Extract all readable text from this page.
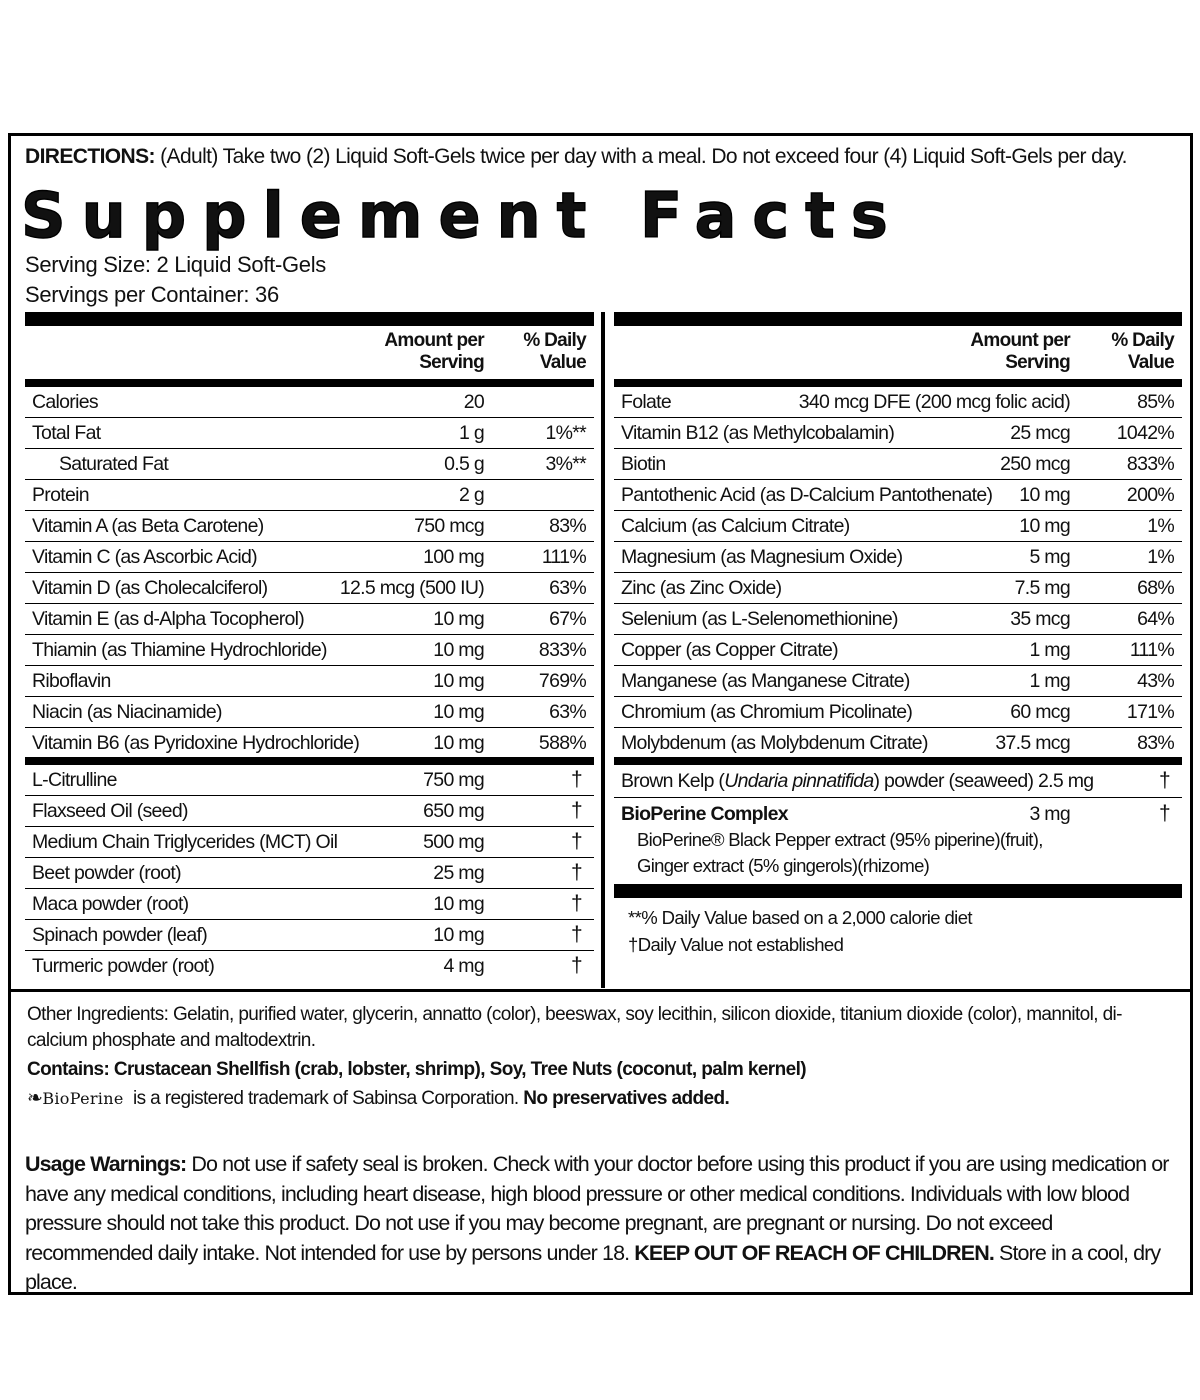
DIRECTIONS: (Adult) Take two (2) Liquid Soft-Gels twice per day with a meal. Do not exceed four (4) Liquid Soft-Gels per day.
Supplement Facts
Serving Size: 2 Liquid Soft-Gels
Servings per Container: 36
Amount per
Serving
% Daily
Value
Calories	20
Total Fat	1 g	1%**
Saturated Fat	0.5 g	3%**
Protein	2 g
Vitamin A (as Beta Carotene)	750 mcg	83%
Vitamin C (as Ascorbic Acid)	100 mg	111%
Vitamin D (as Cholecalciferol)	12.5 mcg (500 IU)	63%
Vitamin E (as d-Alpha Tocopherol)	10 mg	67%
Thiamin (as Thiamine Hydrochloride)	10 mg	833%
Riboflavin	10 mg	769%
Niacin (as Niacinamide)	10 mg	63%
Vitamin B6 (as Pyridoxine Hydrochloride)	10 mg	588%
L-Citrulline	750 mg	†
Flaxseed Oil (seed)	650 mg	†
Medium Chain Triglycerides (MCT) Oil	500 mg	†
Beet powder (root)	25 mg	†
Maca powder (root)	10 mg	†
Spinach powder (leaf)	10 mg	†
Turmeric powder (root)	4 mg	†
Amount per
Serving
% Daily
Value
Folate	340 mcg DFE (200 mcg folic acid)	85%
Vitamin B12 (as Methylcobalamin)	25 mcg 1042%
Biotin	250 mcg	833%
Pantothenic Acid (as D-Calcium Pantothenate) 10 mg	200%
Calcium (as Calcium Citrate)	10 mg	1%
Magnesium (as Magnesium Oxide)	5 mg	1%
Zinc (as Zinc Oxide)	7.5 mg	68%
Selenium (as L-Selenomethionine)	35 mcg	64%
Copper (as Copper Citrate)	1 mg	111%
Manganese (as Manganese Citrate)	1 mg	43%
Chromium (as Chromium Picolinate)	60 mcg	171%
Molybdenum (as Molybdenum Citrate)	37.5 mcg	83%
Brown Kelp (Undaria pinnatifida) powder (seaweed) 2.5 mg	†
BioPerine Complex	3 mg	†
BioPerine® Black Pepper extract (95% piperine)(fruit),
Ginger extract (5% gingerols)(rhizome)
**% Daily Value based on a 2,000 calorie diet
†Daily Value not established
Other Ingredients: Gelatin, purified water, glycerin, annatto (color), beeswax, soy lecithin, silicon dioxide, titanium dioxide (color), mannitol, di-calcium phosphate and maltodextrin.
Contains: Crustacean Shellfish (crab, lobster, shrimp), Soy, Tree Nuts (coconut, palm kernel)
❧BioPerine is a registered trademark of Sabinsa Corporation. No preservatives added.
Usage Warnings: Do not use if safety seal is broken. Check with your doctor before using this product if you are using medication or have any medical conditions, including heart disease, high blood pressure or other medical conditions. Individuals with low blood pressure should not take this product. Do not use if you may become pregnant, are pregnant or nursing. Do not exceed recommended daily intake. Not intended for use by persons under 18. KEEP OUT OF REACH OF CHILDREN. Store in a cool, dry place.
